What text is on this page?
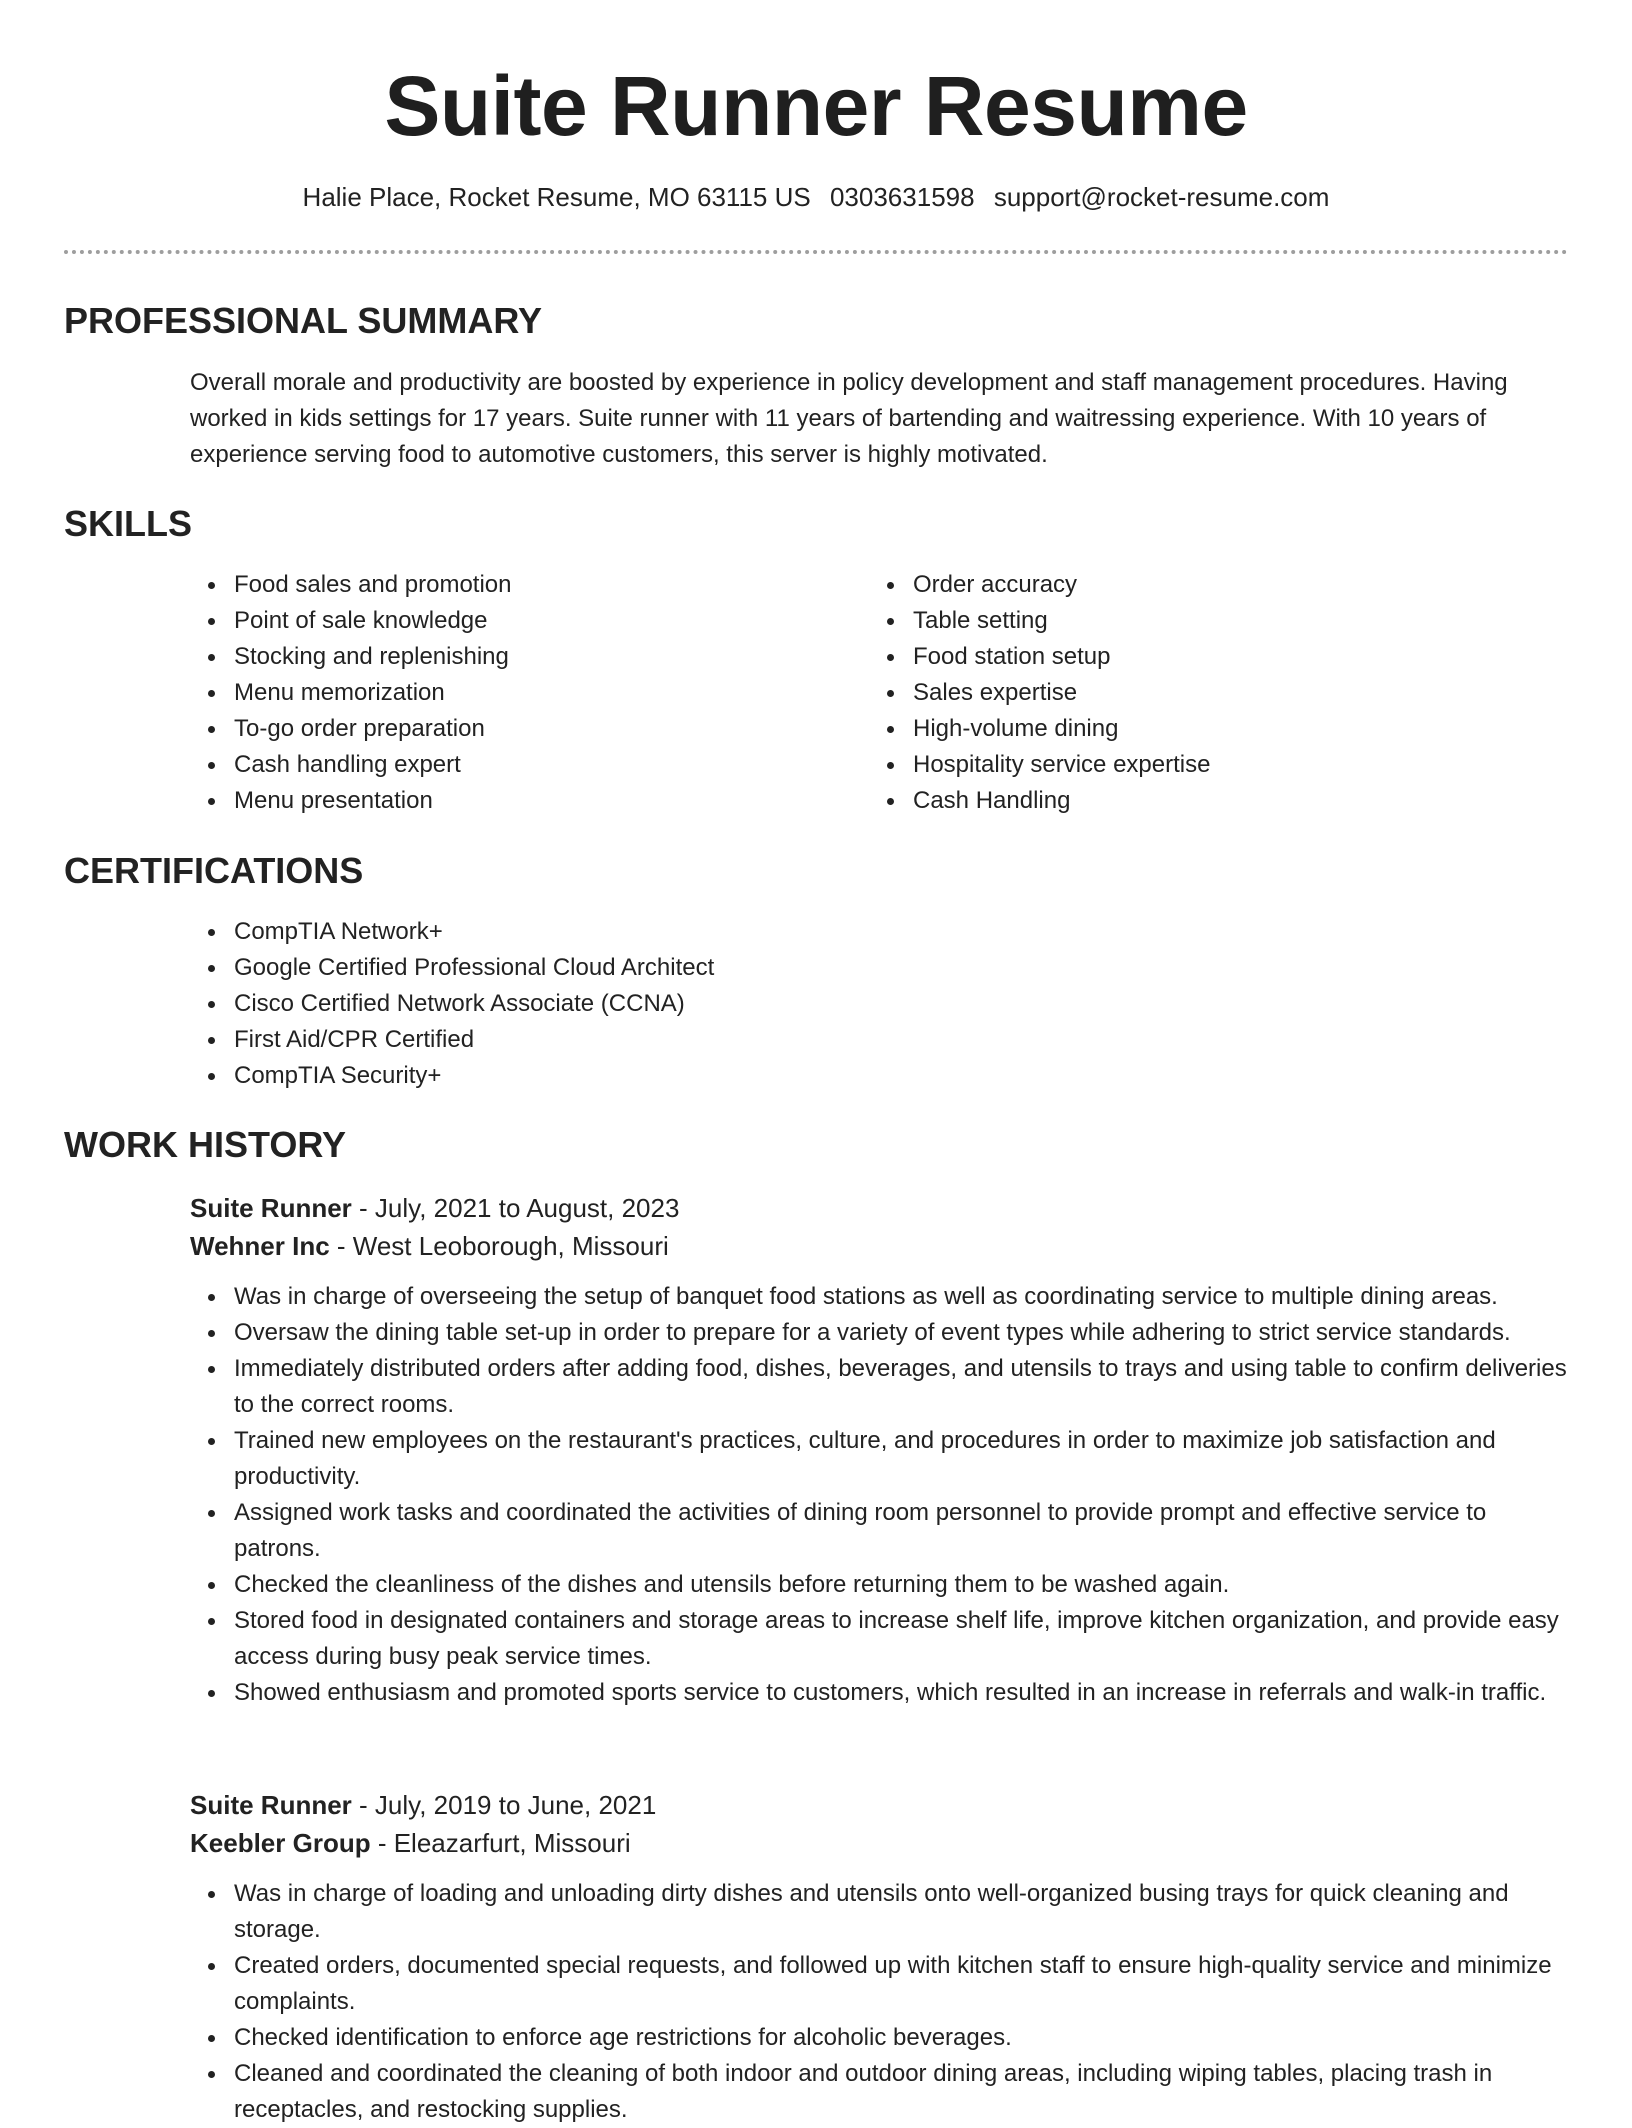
Suite Runner Resume
Halie Place, Rocket Resume, MO 63115 US 0303631598 support@rocket-resume.com
PROFESSIONAL SUMMARY
Overall morale and productivity are boosted by experience in policy development and staff management procedures. Having worked in kids settings for 17 years. Suite runner with 11 years of bartending and waitressing experience. With 10 years of experience serving food to automotive customers, this server is highly motivated.
SKILLS
Food sales and promotion
Point of sale knowledge
Stocking and replenishing
Menu memorization
To-go order preparation
Cash handling expert
Menu presentation
Order accuracy
Table setting
Food station setup
Sales expertise
High-volume dining
Hospitality service expertise
Cash Handling
CERTIFICATIONS
CompTIA Network+
Google Certified Professional Cloud Architect
Cisco Certified Network Associate (CCNA)
First Aid/CPR Certified
CompTIA Security+
WORK HISTORY
Suite Runner - July, 2021 to August, 2023
Wehner Inc - West Leoborough, Missouri
Was in charge of overseeing the setup of banquet food stations as well as coordinating service to multiple dining areas.
Oversaw the dining table set-up in order to prepare for a variety of event types while adhering to strict service standards.
Immediately distributed orders after adding food, dishes, beverages, and utensils to trays and using table to confirm deliveries to the correct rooms.
Trained new employees on the restaurant's practices, culture, and procedures in order to maximize job satisfaction and productivity.
Assigned work tasks and coordinated the activities of dining room personnel to provide prompt and effective service to patrons.
Checked the cleanliness of the dishes and utensils before returning them to be washed again.
Stored food in designated containers and storage areas to increase shelf life, improve kitchen organization, and provide easy access during busy peak service times.
Showed enthusiasm and promoted sports service to customers, which resulted in an increase in referrals and walk-in traffic.
Suite Runner - July, 2019 to June, 2021
Keebler Group - Eleazarfurt, Missouri
Was in charge of loading and unloading dirty dishes and utensils onto well-organized busing trays for quick cleaning and storage.
Created orders, documented special requests, and followed up with kitchen staff to ensure high-quality service and minimize complaints.
Checked identification to enforce age restrictions for alcoholic beverages.
Cleaned and coordinated the cleaning of both indoor and outdoor dining areas, including wiping tables, placing trash in receptacles, and restocking supplies.
